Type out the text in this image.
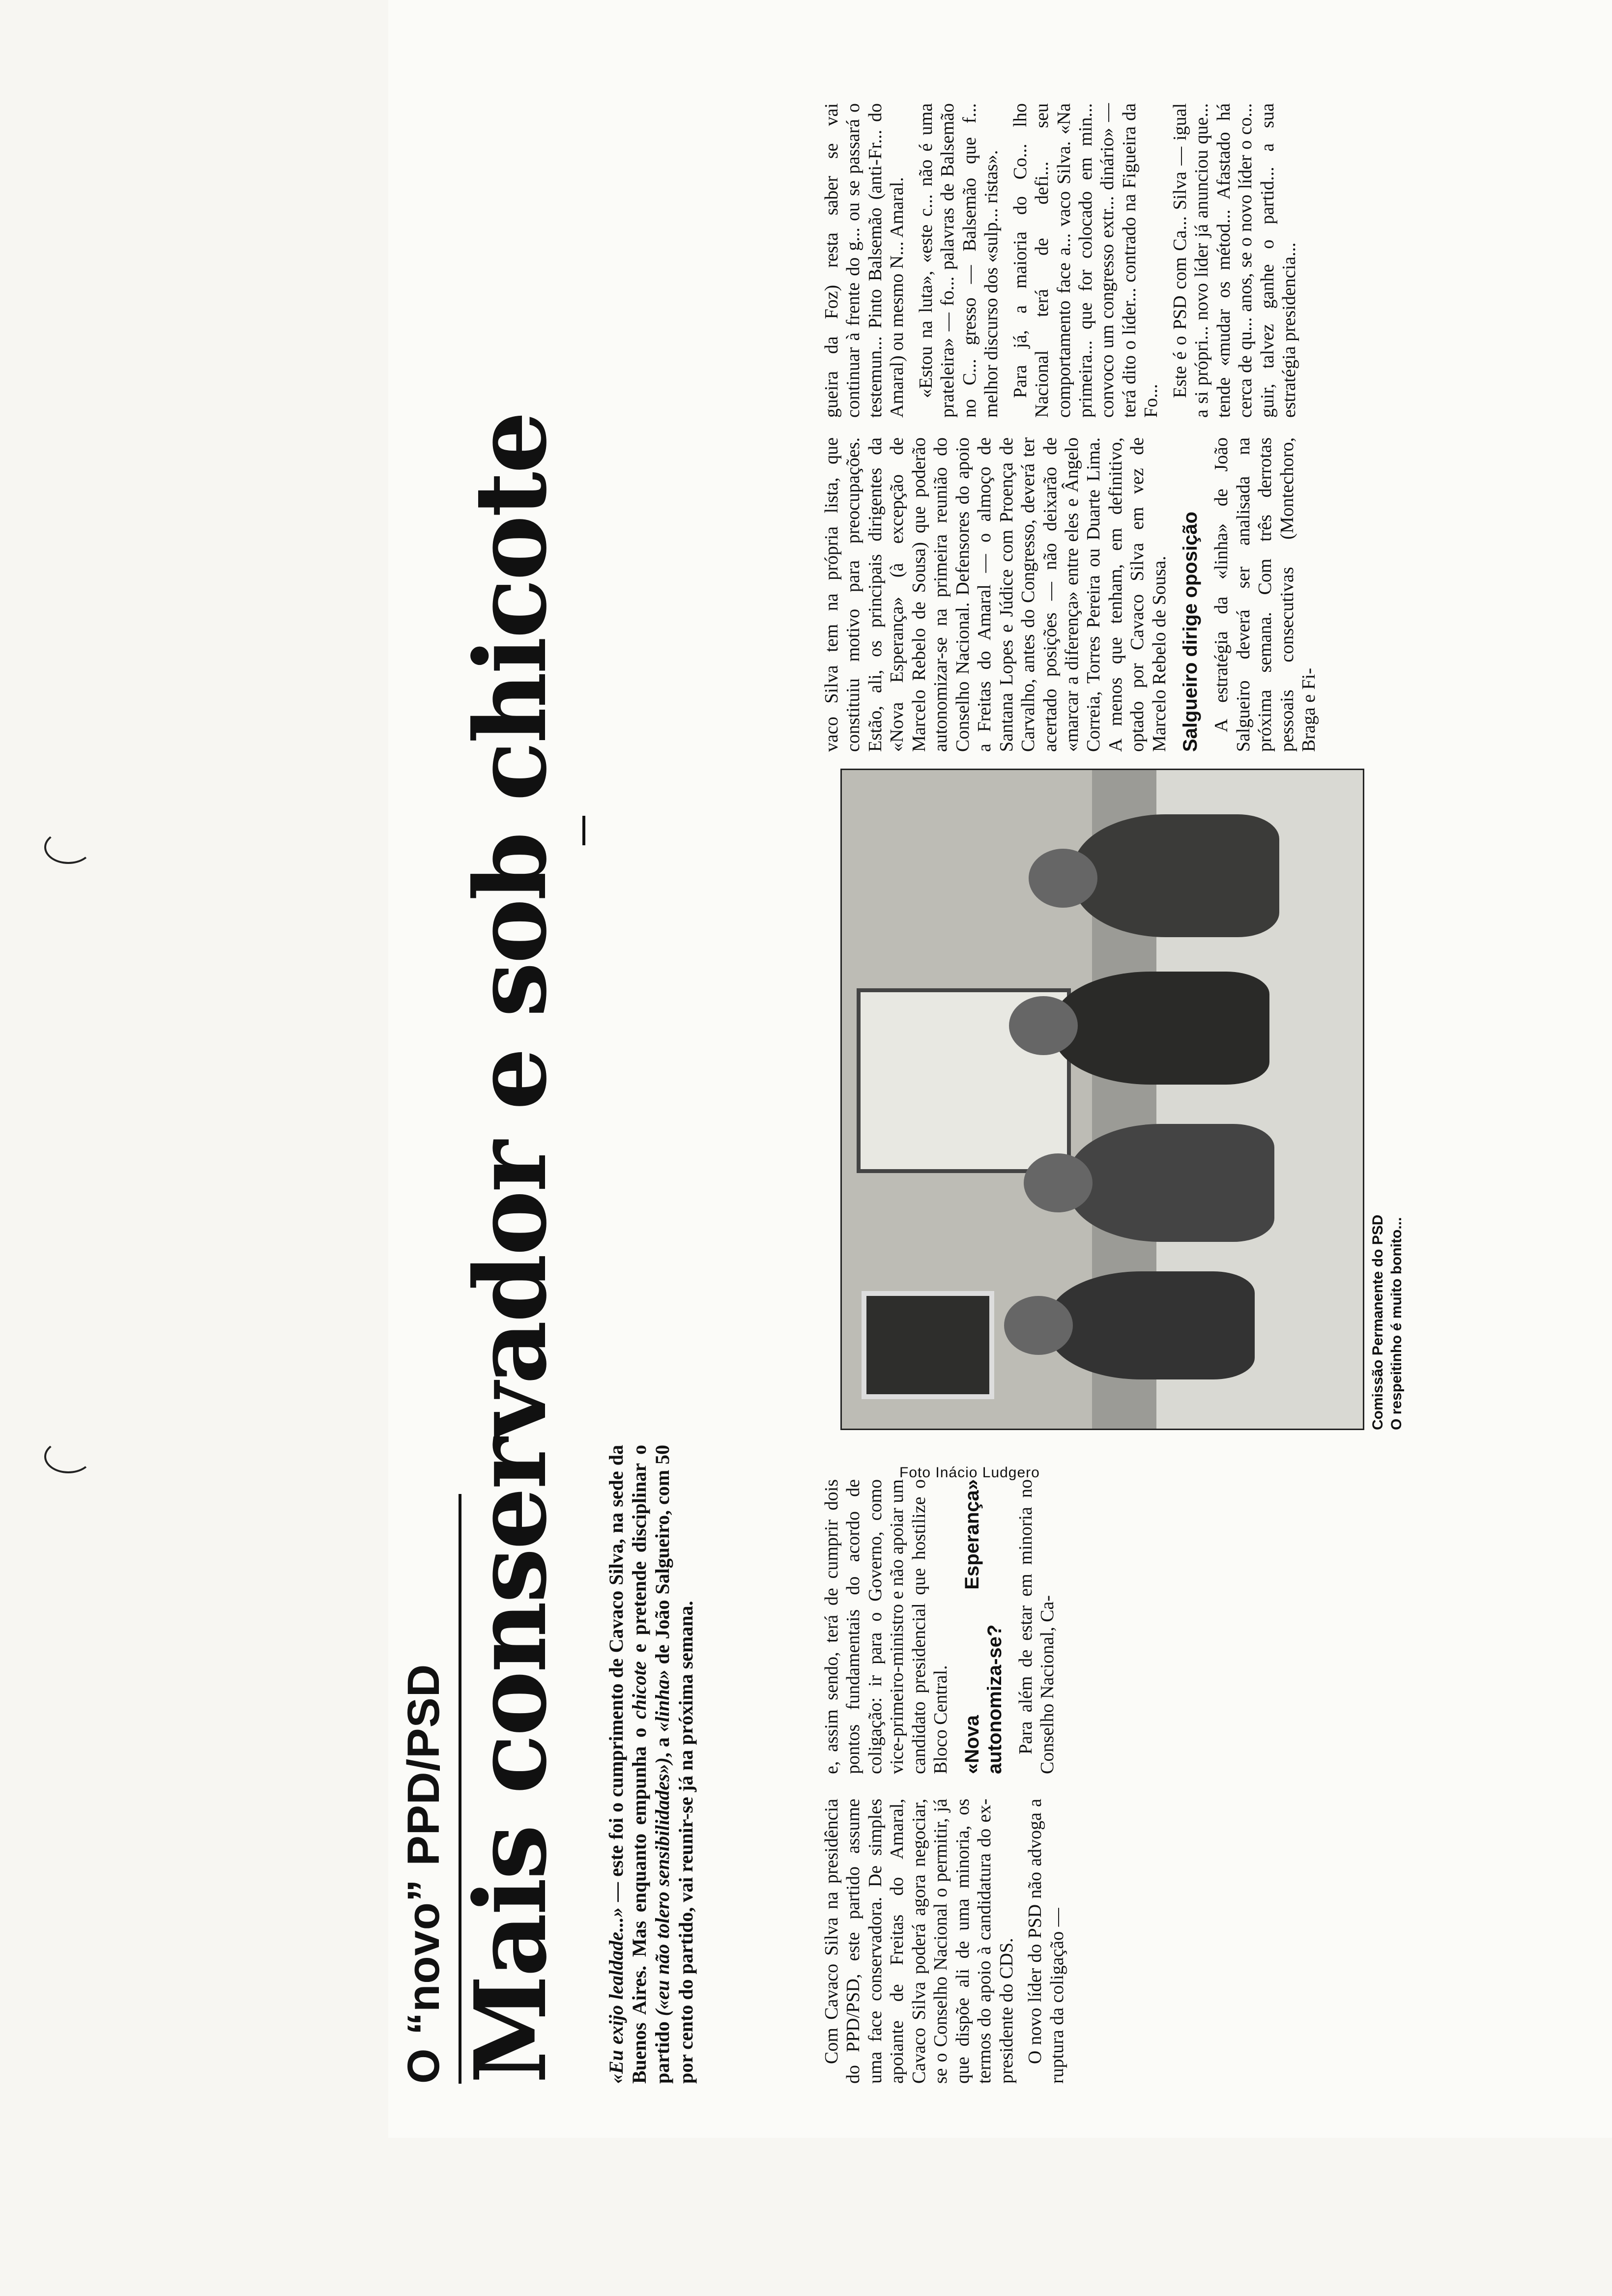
O “novo” PPD/PSD Mais conservador e sob chicote «Eu exijo lealdade...» — este foi o cumprimento de Cavaco Silva, na sede da Buenos Aires. Mas enquanto empunha o chicote e pretende disciplinar o partido («eu não tolero sensibilidades»), a «linha» de João Salgueiro, com 50 por cento do partido, vai reunir-se já na próxima semana.	Com Cavaco Silva na presidência do PPD/PSD, este partido assume uma face conservadora. De simples apoiante de Freitas do Amaral, Cavaco Silva poderá agora negociar, se o Conselho Nacional o permitir, já que dispõe ali de uma minoria, os termos do apoio à candidatura do ex-presidente do CDS. O novo líder do PSD não advoga a ruptura da coligação —

e, assim sendo, terá de cumprir dois pontos fundamentais do acordo de coligação: ir para o Governo, como vice-primeiro-ministro e não apoiar um candidato presidencial que hostilize o Bloco Central. «Nova Esperança» autonomiza-se? Para além de estar em minoria no Conselho Nacional, Ca-

Foto Inácio Ludgero
Comissão Permanente do PSD O respeitinho é muito bonito...

vaco Silva tem na própria lista, que constituiu motivo para preocupações. Estão, ali, os principais dirigentes da «Nova Esperança» (à excepção de Marcelo Rebelo de Sousa) que poderão autonomizar-se na primeira reunião do Conselho Nacional. Defensores do apoio a Freitas do Amaral — o almoço de Santana Lopes e Júdice com Proença de Carvalho, antes do Congresso, deverá ter acertado posições — não deixarão de «marcar a diferença» entre eles e Ângelo Correia, Torres Pereira ou Duarte Lima. A menos que tenham, em definitivo, optado por Cavaco Silva em vez de Marcelo Rebelo de Sousa. Salgueiro dirige oposição A estratégia da «linha» de João Salgueiro deverá ser analisada na próxima semana. Com três derrotas pessoais consecutivas (Montechoro, Braga e Fi-

gueira da Foz) resta saber se vai continuar à frente do g... ou se passará o testemun... Pinto Balsemão (anti-Fr... do Amaral) ou mesmo N... Amaral. «Estou na luta», «este c... não é uma prateleira» — fo... palavras de Balsemão no C... gresso — Balsemão que f... melhor discurso dos «sulp... ristas». Para já, a maioria do Co... lho Nacional terá de defi... seu comportamento face a... vaco Silva. «Na primeira... que for colocado em min... convoco um congresso extr... dinário» — terá dito o líder... contrado na Figueira da Fo...

Este é o PSD com Ca... Silva — igual a si própri... novo líder já anunciou que... tende «mudar os métod... Afastado há cerca de qu... anos, se o novo líder o co... guir, talvez ganhe o partid... a sua estratégia presidencia...
